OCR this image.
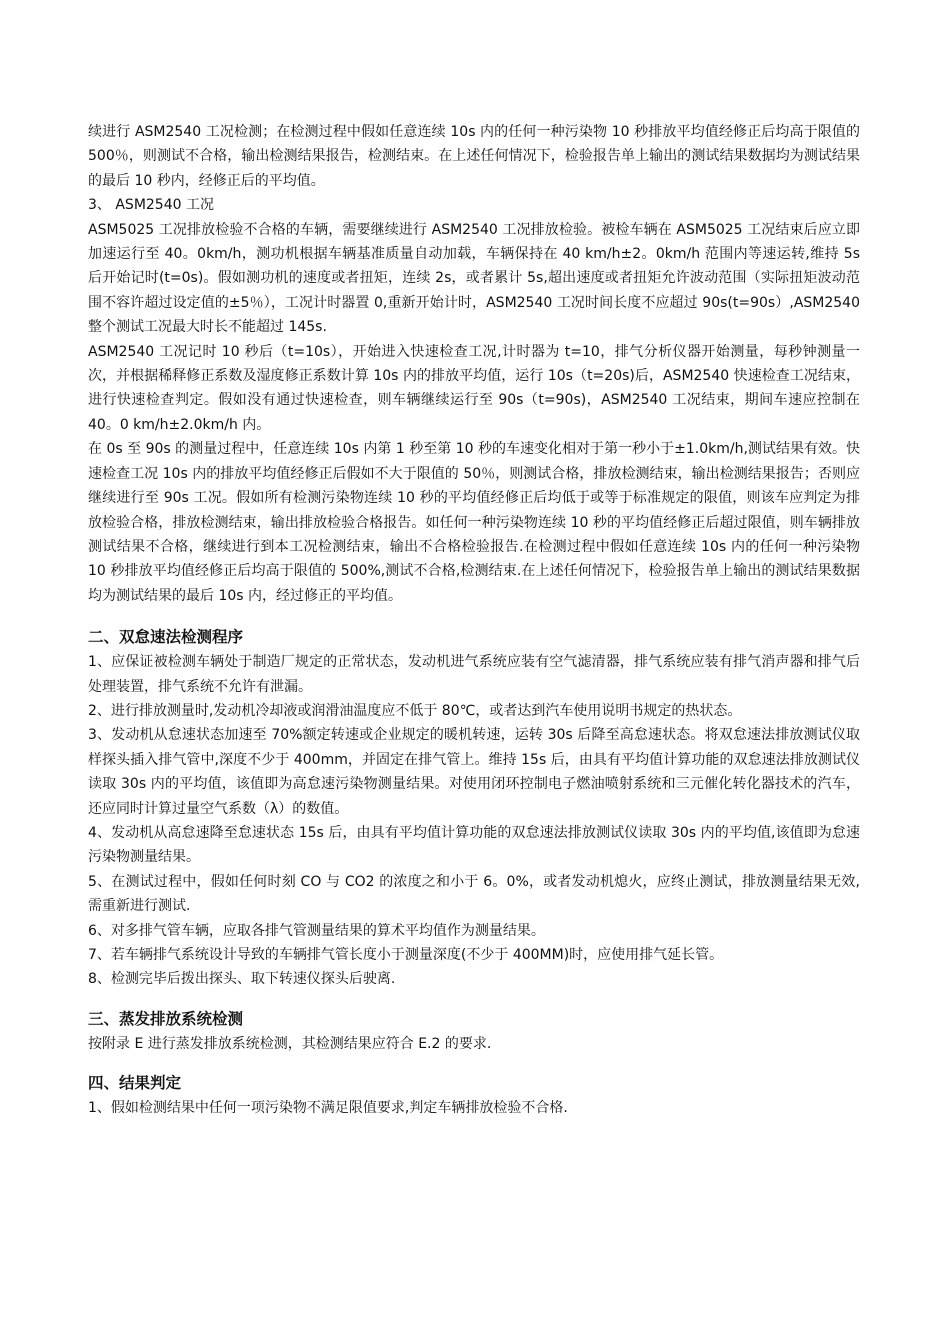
续进行 ASM2540 工况检测；在检测过程中假如任意连续 10s 内的任何一种污染物 10 秒排放平均值经修正后均高于限值的 500％，则测试不合格，输出检测结果报告，检测结束。在上述任何情况下，检验报告单上输出的测试结果数据均为测试结果的最后 10 秒内，经修正后的平均值。

3、 ASM2540 工况

ASM5025 工况排放检验不合格的车辆，需要继续进行 ASM2540 工况排放检验。被检车辆在 ASM5025 工况结束后应立即加速运行至 40。0km/h，测功机根据车辆基准质量自动加载，车辆保持在 40 km/h±2。0km/h 范围内等速运转,维持 5s 后开始记时(t=0s)。假如测功机的速度或者扭矩，连续 2s，或者累计 5s,超出速度或者扭矩允许波动范围（实际扭矩波动范围不容许超过设定值的±5％），工况计时器置 0,重新开始计时，ASM2540 工况时间长度不应超过 90s(t=90s）,ASM2540 整个测试工况最大时长不能超过 145s.

ASM2540 工况记时 10 秒后（t=10s），开始进入快速检查工况,计时器为 t=10，排气分析仪器开始测量，每秒钟测量一次，并根据稀释修正系数及湿度修正系数计算 10s 内的排放平均值，运行 10s（t=20s)后，ASM2540 快速检查工况结束，进行快速检查判定。假如没有通过快速检查，则车辆继续运行至 90s（t=90s)，ASM2540 工况结束，期间车速应控制在 40。0 km/h±2.0km/h 内。

在 0s 至 90s 的测量过程中，任意连续 10s 内第 1 秒至第 10 秒的车速变化相对于第一秒小于±1.0km/h,测试结果有效。快速检查工况 10s 内的排放平均值经修正后假如不大于限值的 50％，则测试合格，排放检测结束，输出检测结果报告；否则应继续进行至 90s 工况。假如所有检测污染物连续 10 秒的平均值经修正后均低于或等于标准规定的限值，则该车应判定为排放检验合格，排放检测结束，输出排放检验合格报告。如任何一种污染物连续 10 秒的平均值经修正后超过限值，则车辆排放测试结果不合格，继续进行到本工况检测结束，输出不合格检验报告.在检测过程中假如任意连续 10s 内的任何一种污染物 10 秒排放平均值经修正后均高于限值的 500%,测试不合格,检测结束.在上述任何情况下，检验报告单上输出的测试结果数据均为测试结果的最后 10s 内，经过修正的平均值。

二、双怠速法检测程序

1、应保证被检测车辆处于制造厂规定的正常状态，发动机进气系统应装有空气滤清器，排气系统应装有排气消声器和排气后处理装置，排气系统不允许有泄漏。

2、进行排放测量时,发动机冷却液或润滑油温度应不低于 80℃，或者达到汽车使用说明书规定的热状态。

3、发动机从怠速状态加速至 70%额定转速或企业规定的暖机转速，运转 30s 后降至高怠速状态。将双怠速法排放测试仪取样探头插入排气管中,深度不少于 400mm，并固定在排气管上。维持 15s 后，由具有平均值计算功能的双怠速法排放测试仪读取 30s 内的平均值，该值即为高怠速污染物测量结果。对使用闭环控制电子燃油喷射系统和三元催化转化器技术的汽车，还应同时计算过量空气系数（λ）的数值。

4、发动机从高怠速降至怠速状态 15s 后，由具有平均值计算功能的双怠速法排放测试仪读取 30s 内的平均值,该值即为怠速污染物测量结果。

5、在测试过程中，假如任何时刻 CO 与 CO2 的浓度之和小于 6。0%，或者发动机熄火，应终止测试，排放测量结果无效,需重新进行测试.

6、对多排气管车辆，应取各排气管测量结果的算术平均值作为测量结果。

7、若车辆排气系统设计导致的车辆排气管长度小于测量深度(不少于 400MM)时，应使用排气延长管。

8、检测完毕后拨出探头、取下转速仪探头后驶离.

三、蒸发排放系统检测

按附录 E 进行蒸发排放系统检测，其检测结果应符合 E.2 的要求.

四、结果判定

1、假如检测结果中任何一项污染物不满足限值要求,判定车辆排放检验不合格.
